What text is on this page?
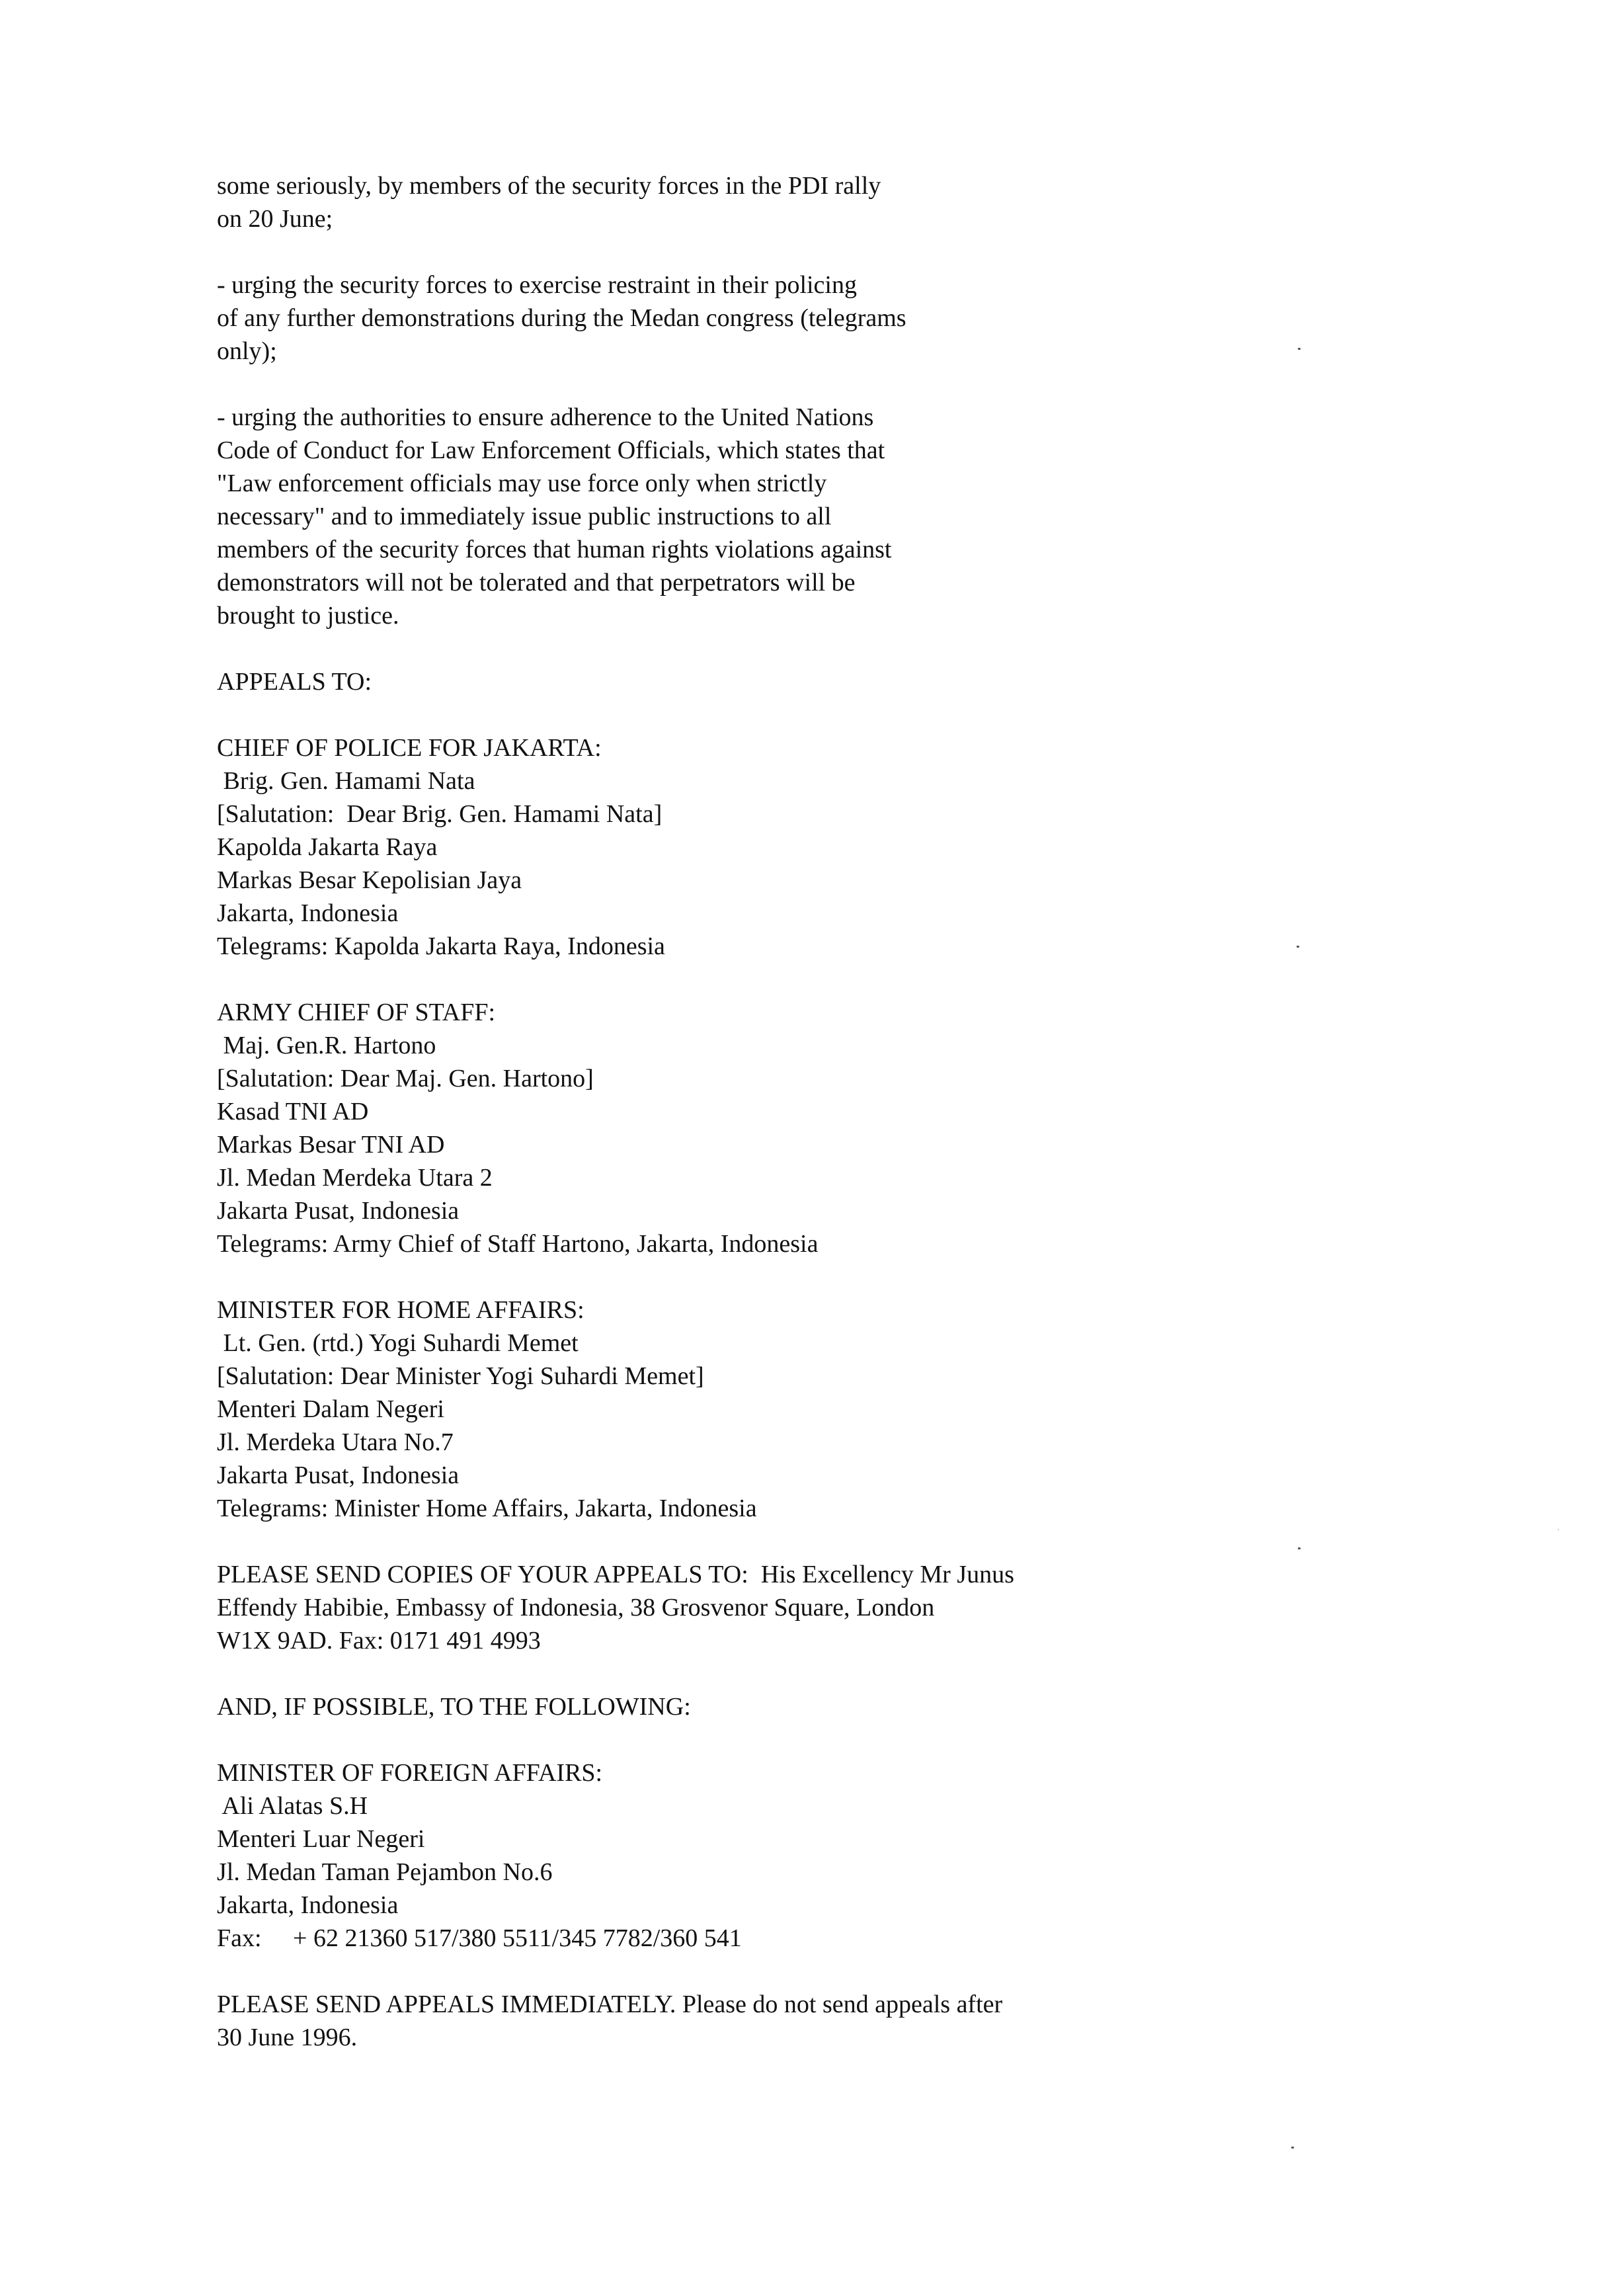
some seriously, by members of the security forces in the PDI rally
on 20 June;
- urging the security forces to exercise restraint in their policing
of any further demonstrations during the Medan congress (telegrams
only);
- urging the authorities to ensure adherence to the United Nations
Code of Conduct for Law Enforcement Officials, which states that
"Law enforcement officials may use force only when strictly
necessary" and to immediately issue public instructions to all
members of the security forces that human rights violations against
demonstrators will not be tolerated and that perpetrators will be
brought to justice.
APPEALS TO:
CHIEF OF POLICE FOR JAKARTA:
Brig. Gen. Hamami Nata
[Salutation:  Dear Brig. Gen. Hamami Nata]
Kapolda Jakarta Raya
Markas Besar Kepolisian Jaya
Jakarta, Indonesia
Telegrams: Kapolda Jakarta Raya, Indonesia
ARMY CHIEF OF STAFF:
Maj. Gen.R. Hartono
[Salutation: Dear Maj. Gen. Hartono]
Kasad TNI AD
Markas Besar TNI AD
Jl. Medan Merdeka Utara 2
Jakarta Pusat, Indonesia
Telegrams: Army Chief of Staff Hartono, Jakarta, Indonesia
MINISTER FOR HOME AFFAIRS:
Lt. Gen. (rtd.) Yogi Suhardi Memet
[Salutation: Dear Minister Yogi Suhardi Memet]
Menteri Dalam Negeri
Jl. Merdeka Utara No.7
Jakarta Pusat, Indonesia
Telegrams: Minister Home Affairs, Jakarta, Indonesia
PLEASE SEND COPIES OF YOUR APPEALS TO:  His Excellency Mr Junus
Effendy Habibie, Embassy of Indonesia, 38 Grosvenor Square, London
W1X 9AD. Fax: 0171 491 4993
AND, IF POSSIBLE, TO THE FOLLOWING:
MINISTER OF FOREIGN AFFAIRS:
Ali Alatas S.H
Menteri Luar Negeri
Jl. Medan Taman Pejambon No.6
Jakarta, Indonesia
Fax:     + 62 21360 517/380 5511/345 7782/360 541
PLEASE SEND APPEALS IMMEDIATELY. Please do not send appeals after
30 June 1996.
